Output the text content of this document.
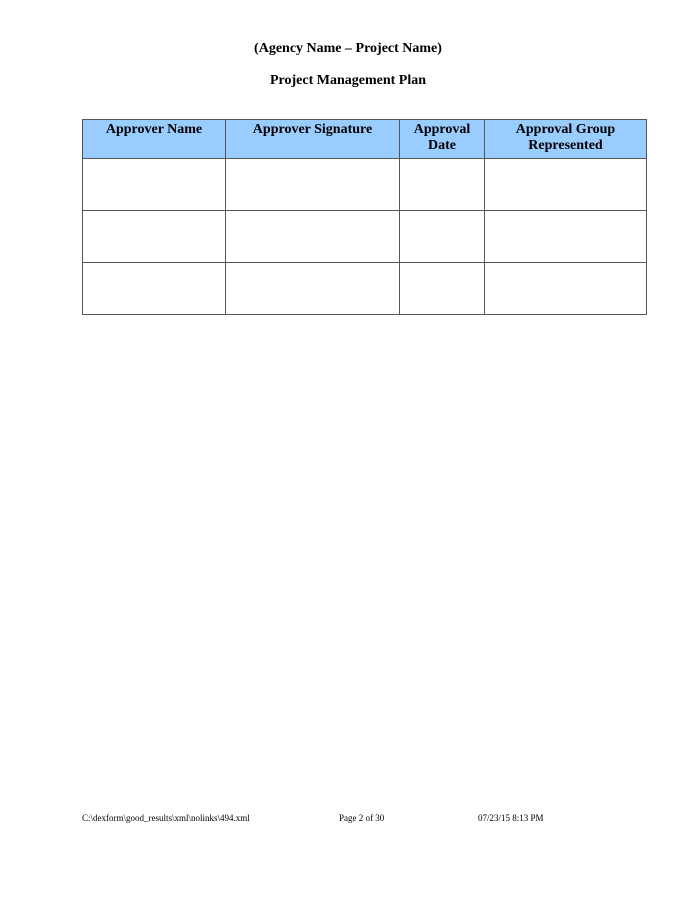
(Agency Name – Project Name)
Project Management Plan
Approver Name	Approver Signature	Approval Date	Approval Group Represented

C:\dexform\good_results\xml\nolinks\494.xml	Page 2 of 30	07/23/15 8:13 PM
